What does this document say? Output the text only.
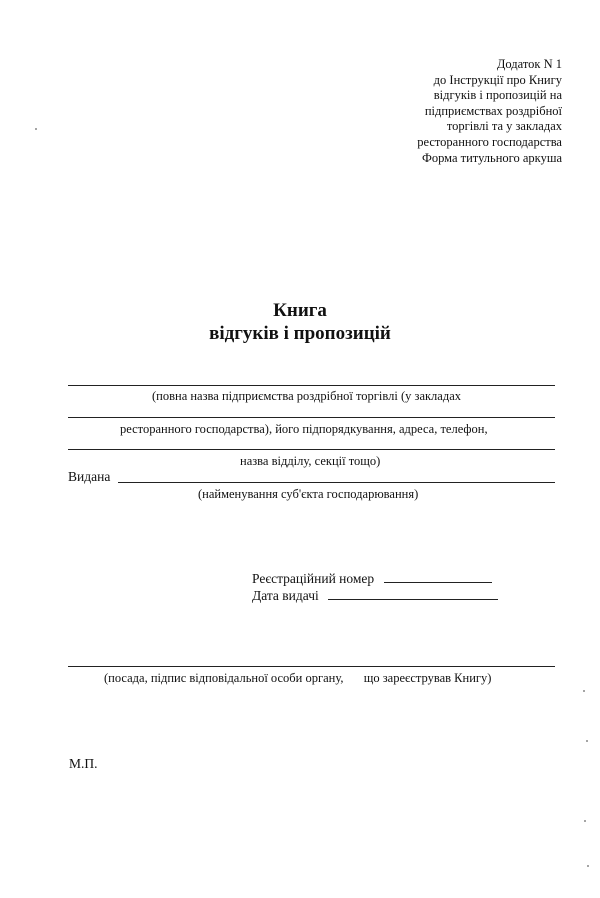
Додаток N 1
до Інструкції про Книгу
відгуків і пропозицій на
підприємствах роздрібної
торгівлі та у закладах
ресторанного господарства
Форма титульного аркуша
Книга
відгуків і пропозицій
(повна назва підприємства роздрібної торгівлі (у закладах
ресторанного господарства), його підпорядкування, адреса, телефон,
назва відділу, секції тощо)
Видана
(найменування суб'єкта господарювання)
Реєстраційний номер
Дата видачі
(посада, підпис відповідальної особи органу, що зареєстрував Книгу)
М.П.
